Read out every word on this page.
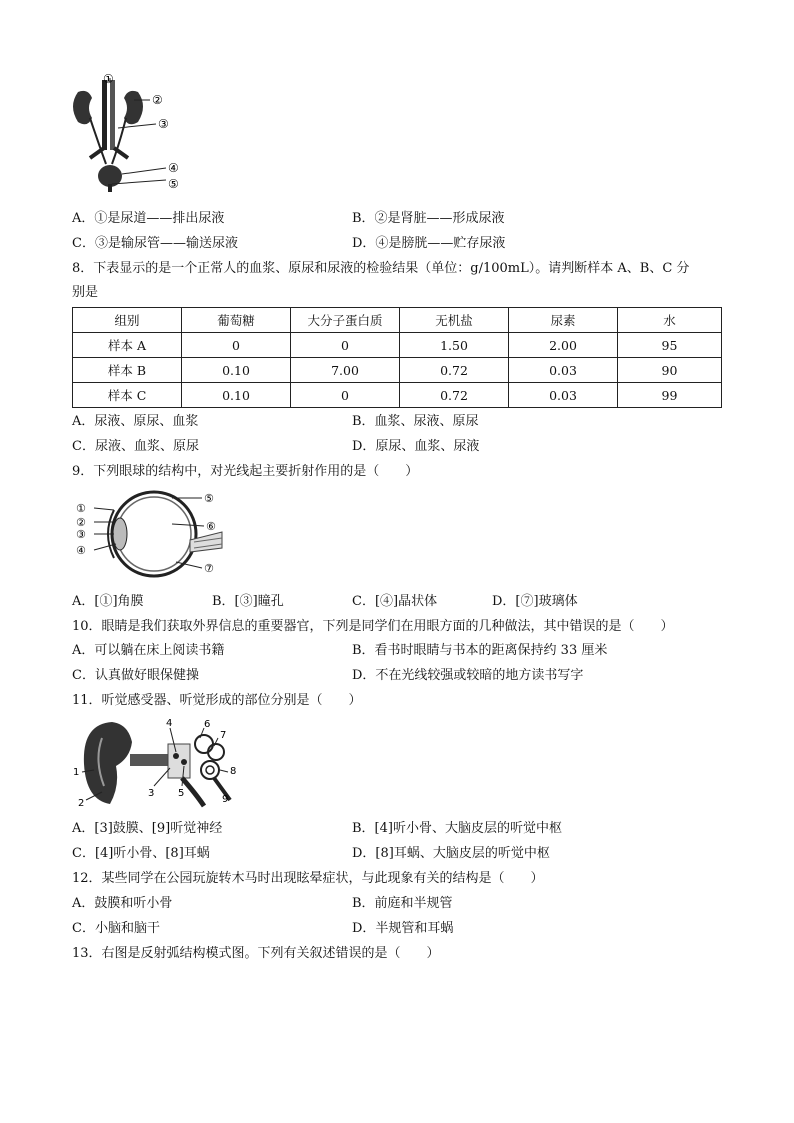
①
②
③
④
⑤
A．①是尿道——排出尿液	B．②是肾脏——形成尿液
C．③是输尿管——输送尿液	D．④是膀胱——贮存尿液
8．下表显示的是一个正常人的血浆、原尿和尿液的检验结果（单位：g/100mL）。请判断样本 A、B、C 分
别是
组别	葡萄糖	大分子蛋白质	无机盐	尿素	水
样本 A	0	0	1.50	2.00	95
样本 B	0.10	7.00	0.72	0.03	90
样本 C	0.10	0	0.72	0.03	99
A．尿液、原尿、血浆	B．血浆、尿液、原尿
C．尿液、血浆、原尿	D．原尿、血浆、尿液
9．下列眼球的结构中，对光线起主要折射作用的是（　　）
①
②
③
④
⑤
⑥
⑦
A．[①]角膜	B．[③]瞳孔	C．[④]晶状体	D．[⑦]玻璃体
10．眼睛是我们获取外界信息的重要器官，下列是同学们在用眼方面的几种做法，其中错误的是（　　）
A．可以躺在床上阅读书籍	B．看书时眼睛与书本的距离保持约 33 厘米
C．认真做好眼保健操	D．不在光线较强或较暗的地方读书写字
11．听觉感受器、听觉形成的部位分别是（　　）
1
2
3
4
5
6
7
8
9
A．[3]鼓膜、[9]听觉神经	B．[4]听小骨、大脑皮层的听觉中枢
C．[4]听小骨、[8]耳蜗	D．[8]耳蜗、大脑皮层的听觉中枢
12．某些同学在公园玩旋转木马时出现眩晕症状，与此现象有关的结构是（　　）
A．鼓膜和听小骨	B．前庭和半规管
C．小脑和脑干	D．半规管和耳蜗
13．右图是反射弧结构模式图。下列有关叙述错误的是（　　）
